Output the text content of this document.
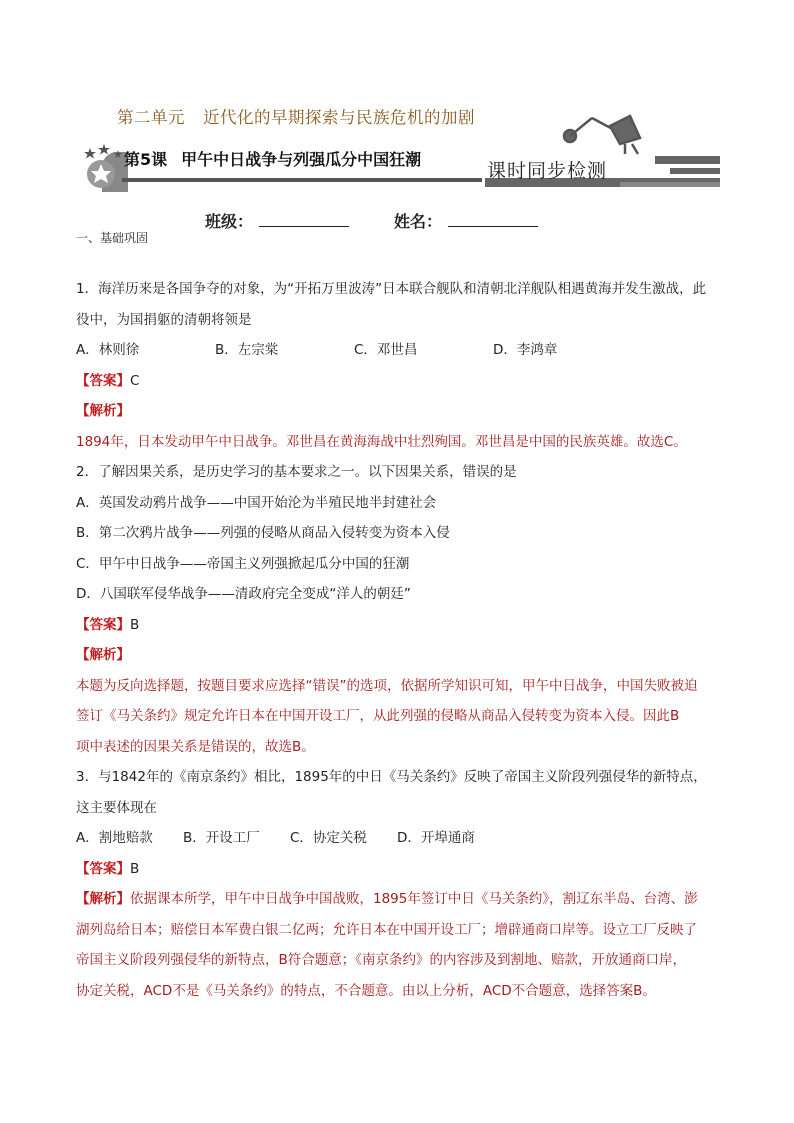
第二单元 近代化的早期探索与民族危机的加剧
第5课 甲午中日战争与列强瓜分中国狂潮
课时同步检测
班级：	姓名：
一、基础巩固
1．海洋历来是各国争夺的对象，为“开拓万里波涛”日本联合舰队和清朝北洋舰队相遇黄海并发生激战，此
役中，为国捐躯的清朝将领是
A．林则徐	B．左宗棠	C．邓世昌	D．李鸿章
【答案】C
【解析】
1894年，日本发动甲午中日战争。邓世昌在黄海海战中壮烈殉国。邓世昌是中国的民族英雄。故选C。
2．了解因果关系，是历史学习的基本要求之一。以下因果关系，错误的是
A．英国发动鸦片战争——中国开始沦为半殖民地半封建社会
B．第二次鸦片战争——列强的侵略从商品入侵转变为资本入侵
C．甲午中日战争——帝国主义列强掀起瓜分中国的狂潮
D．八国联军侵华战争——清政府完全变成“洋人的朝廷”
【答案】B
【解析】
本题为反向选择题，按题目要求应选择“错误”的选项，依据所学知识可知，甲午中日战争，中国失败被迫
签订《马关条约》规定允许日本在中国开设工厂，从此列强的侵略从商品入侵转变为资本入侵。因此B
项中表述的因果关系是错误的，故选B。
3．与1842年的《南京条约》相比，1895年的中日《马关条约》反映了帝国主义阶段列强侵华的新特点，
这主要体现在
A．割地赔款 B．开设工厂 C．协定关税 D．开埠通商
【答案】B
【解析】依据课本所学，甲午中日战争中国战败，1895年签订中日《马关条约》，割辽东半岛、台湾、澎
湖列岛给日本；赔偿日本军费白银二亿两；允许日本在中国开设工厂；增辟通商口岸等。设立工厂反映了
帝国主义阶段列强侵华的新特点，B符合题意；《南京条约》的内容涉及到割地、赔款，开放通商口岸，
协定关税，ACD不是《马关条约》的特点，不合题意。由以上分析，ACD不合题意，选择答案B。
